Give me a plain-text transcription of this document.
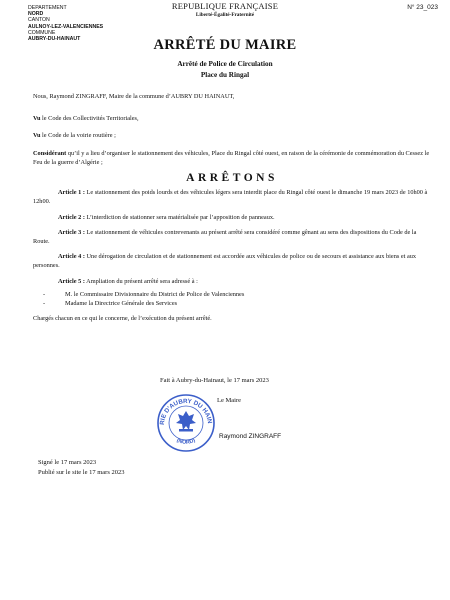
DEPARTEMENT
NORD
CANTON
AULNOY-LEZ-VALENCIENNES
COMMUNE
AUBRY-DU-HAINAUT
REPUBLIQUE FRANÇAISE
Liberté-Égalité-Fraternité
N° 23_023
ARRÊTÉ DU MAIRE
Arrêté de Police de Circulation
Place du Ringal

Nous, Raymond ZINGRAFF, Maire de la commune d’AUBRY DU HAINAUT,

Vu le Code des Collectivités Territoriales,

Vu le Code de la voirie routière ;

Considérant qu’il y a lieu d’organiser le stationnement des véhicules, Place du Ringal côté ouest, en raison de la cérémonie de commémoration du Cessez le Feu de la guerre d’Algérie ;

ARRÊTONS

Article 1 : Le stationnement des poids lourds et des véhicules légers sera interdit place du Ringal côté ouest le dimanche 19 mars 2023 de 10h00 à 12h00.

Article 2 : L’interdiction de stationner sera matérialisée par l’apposition de panneaux.

Article 3 : Le stationnement de véhicules contrevenants au présent arrêté sera considéré comme gênant au sens des dispositions du Code de la Route.

Article 4 : Une dérogation de circulation et de stationnement est accordée aux véhicules de police ou de secours et assistance aux biens et aux personnes.

Article 5 : Ampliation du présent arrêté sera adressé à :

- M. le Commissaire Divisionnaire du District de Police de Valenciennes
- Madame la Directrice Générale des Services

Chargés chacun en ce qui le concerne, de l’exécution du présent arrêté.

Fait à Aubry-du-Hainaut, le 17 mars 2023
RIE D'AUBRY DU HAIN
(NORD)
Le Maire
Raymond ZINGRAFF
Signé le 17 mars 2023
Publié sur le site le 17 mars 2023
